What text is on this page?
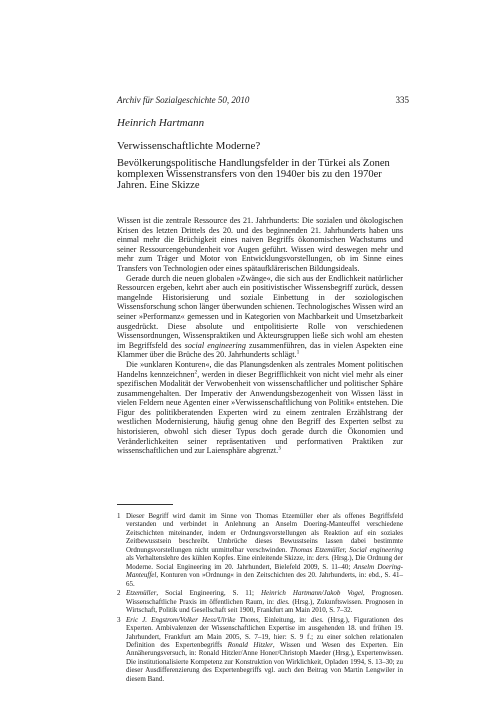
Archiv für Sozialgeschichte 50, 2010	335
Heinrich Hartmann
Verwissenschaftlichte Moderne?
Bevölkerungspolitische Handlungsfelder in der Türkei als Zonen komplexen Wissenstransfers von den 1940er bis zu den 1970er Jahren. Eine Skizze

Wissen ist die zentrale Ressource des 21. Jahrhunderts: Die sozialen und ökologischen Krisen des letzten Drittels des 20. und des beginnenden 21. Jahrhunderts haben uns einmal mehr die Brüchigkeit eines naiven Begriffs ökonomischen Wachstums und seiner Ressourcengebundenheit vor Augen geführt. Wissen wird deswegen mehr und mehr zum Träger und Motor von Entwicklungsvorstellungen, ob im Sinne eines Transfers von Technologien oder eines spätaufklärerischen Bildungsideals.

Gerade durch die neuen globalen »Zwänge«, die sich aus der Endlichkeit natürlicher Ressourcen ergeben, kehrt aber auch ein positivistischer Wissensbegriff zurück, dessen mangelnde Historisierung und soziale Einbettung in der soziologischen Wissensforschung schon länger überwunden schienen. Technologisches Wissen wird an seiner »Performanz« gemessen und in Kategorien von Machbarkeit und Umsetzbarkeit ausgedrückt. Diese absolute und entpolitisierte Rolle von verschiedenen Wissensordnungen, Wissenspraktiken und Akteursgruppen ließe sich wohl am ehesten im Begriffsfeld des social engineering zusammenführen, das in vielen Aspekten eine Klammer über die Brüche des 20. Jahrhunderts schlägt.$^1$

Die »unklaren Konturen«, die das Planungsdenken als zentrales Moment politischen Handelns kennzeichnen$^2$, werden in dieser Begrifflichkeit von nicht viel mehr als einer spezifischen Modalität der Verwobenheit von wissenschaftlicher und politischer Sphäre zusammengehalten. Der Imperativ der Anwendungsbezogenheit von Wissen lässt in vielen Feldern neue Agenten einer »Verwissenschaftlichung von Politik« entstehen. Die Figur des politikberatenden Experten wird zu einem zentralen Erzählstrang der westlichen Modernisierung, häufig genug ohne den Begriff des Experten selbst zu historisieren, obwohl sich dieser Typus doch gerade durch die Ökonomien und Veränderlichkeiten seiner repräsentativen und performativen Praktiken zur wissenschaftlichen und zur Laiensphäre abgrenzt.$^3$

1 Dieser Begriff wird damit im Sinne von Thomas Etzemüller eher als offenes Begriffsfeld verstanden und verbindet in Anlehnung an Anselm Doering-Manteuffel verschiedene Zeitschichten miteinander, indem er Ordnungsvorstellungen als Reaktion auf ein soziales Zeitbewusstsein beschreibt. Umbrüche dieses Bewusstseins lassen dabei bestimmte Ordnungsvorstellungen nicht unmittelbar verschwinden. Thomas Etzemüller, Social engineering als Verhaltenslehre des kühlen Kopfes. Eine einleitende Skizze, in: ders. (Hrsg.), Die Ordnung der Moderne. Social Engineering im 20. Jahrhundert, Bielefeld 2009, S. 11–40; Anselm Doering-Manteuffel, Konturen von »Ordnung« in den Zeitschichten des 20. Jahrhunderts, in: ebd., S. 41–65.
2 Etzemüller, Social Engineering, S. 11; Heinrich Hartmann/Jakob Vogel, Prognosen. Wissenschaftliche Praxis im öffentlichen Raum, in: dies. (Hrsg.), Zukunftswissen. Prognosen in Wirtschaft, Politik und Gesellschaft seit 1900, Frankfurt am Main 2010, S. 7–32.
3 Eric J. Engstrom/Volker Hess/Ulrike Thoms, Einleitung, in: dies. (Hrsg.), Figurationen des Experten. Ambivalenzen der Wissenschaftlichen Expertise im ausgehenden 18. und frühen 19. Jahrhundert, Frankfurt am Main 2005, S. 7–19, hier: S. 9 f.; zu einer solchen relationalen Definition des Expertenbegriffs Ronald Hitzler, Wissen und Wesen des Experten. Ein Annäherungsversuch, in: Ronald Hitzler/Anne Honer/Christoph Maeder (Hrsg.), Expertenwissen. Die institutionalisierte Kompetenz zur Konstruktion von Wirklichkeit, Opladen 1994, S. 13–30; zu dieser Ausdifferenzierung des Expertenbegriffs vgl. auch den Beitrag von Martin Lengwiler in diesem Band.
